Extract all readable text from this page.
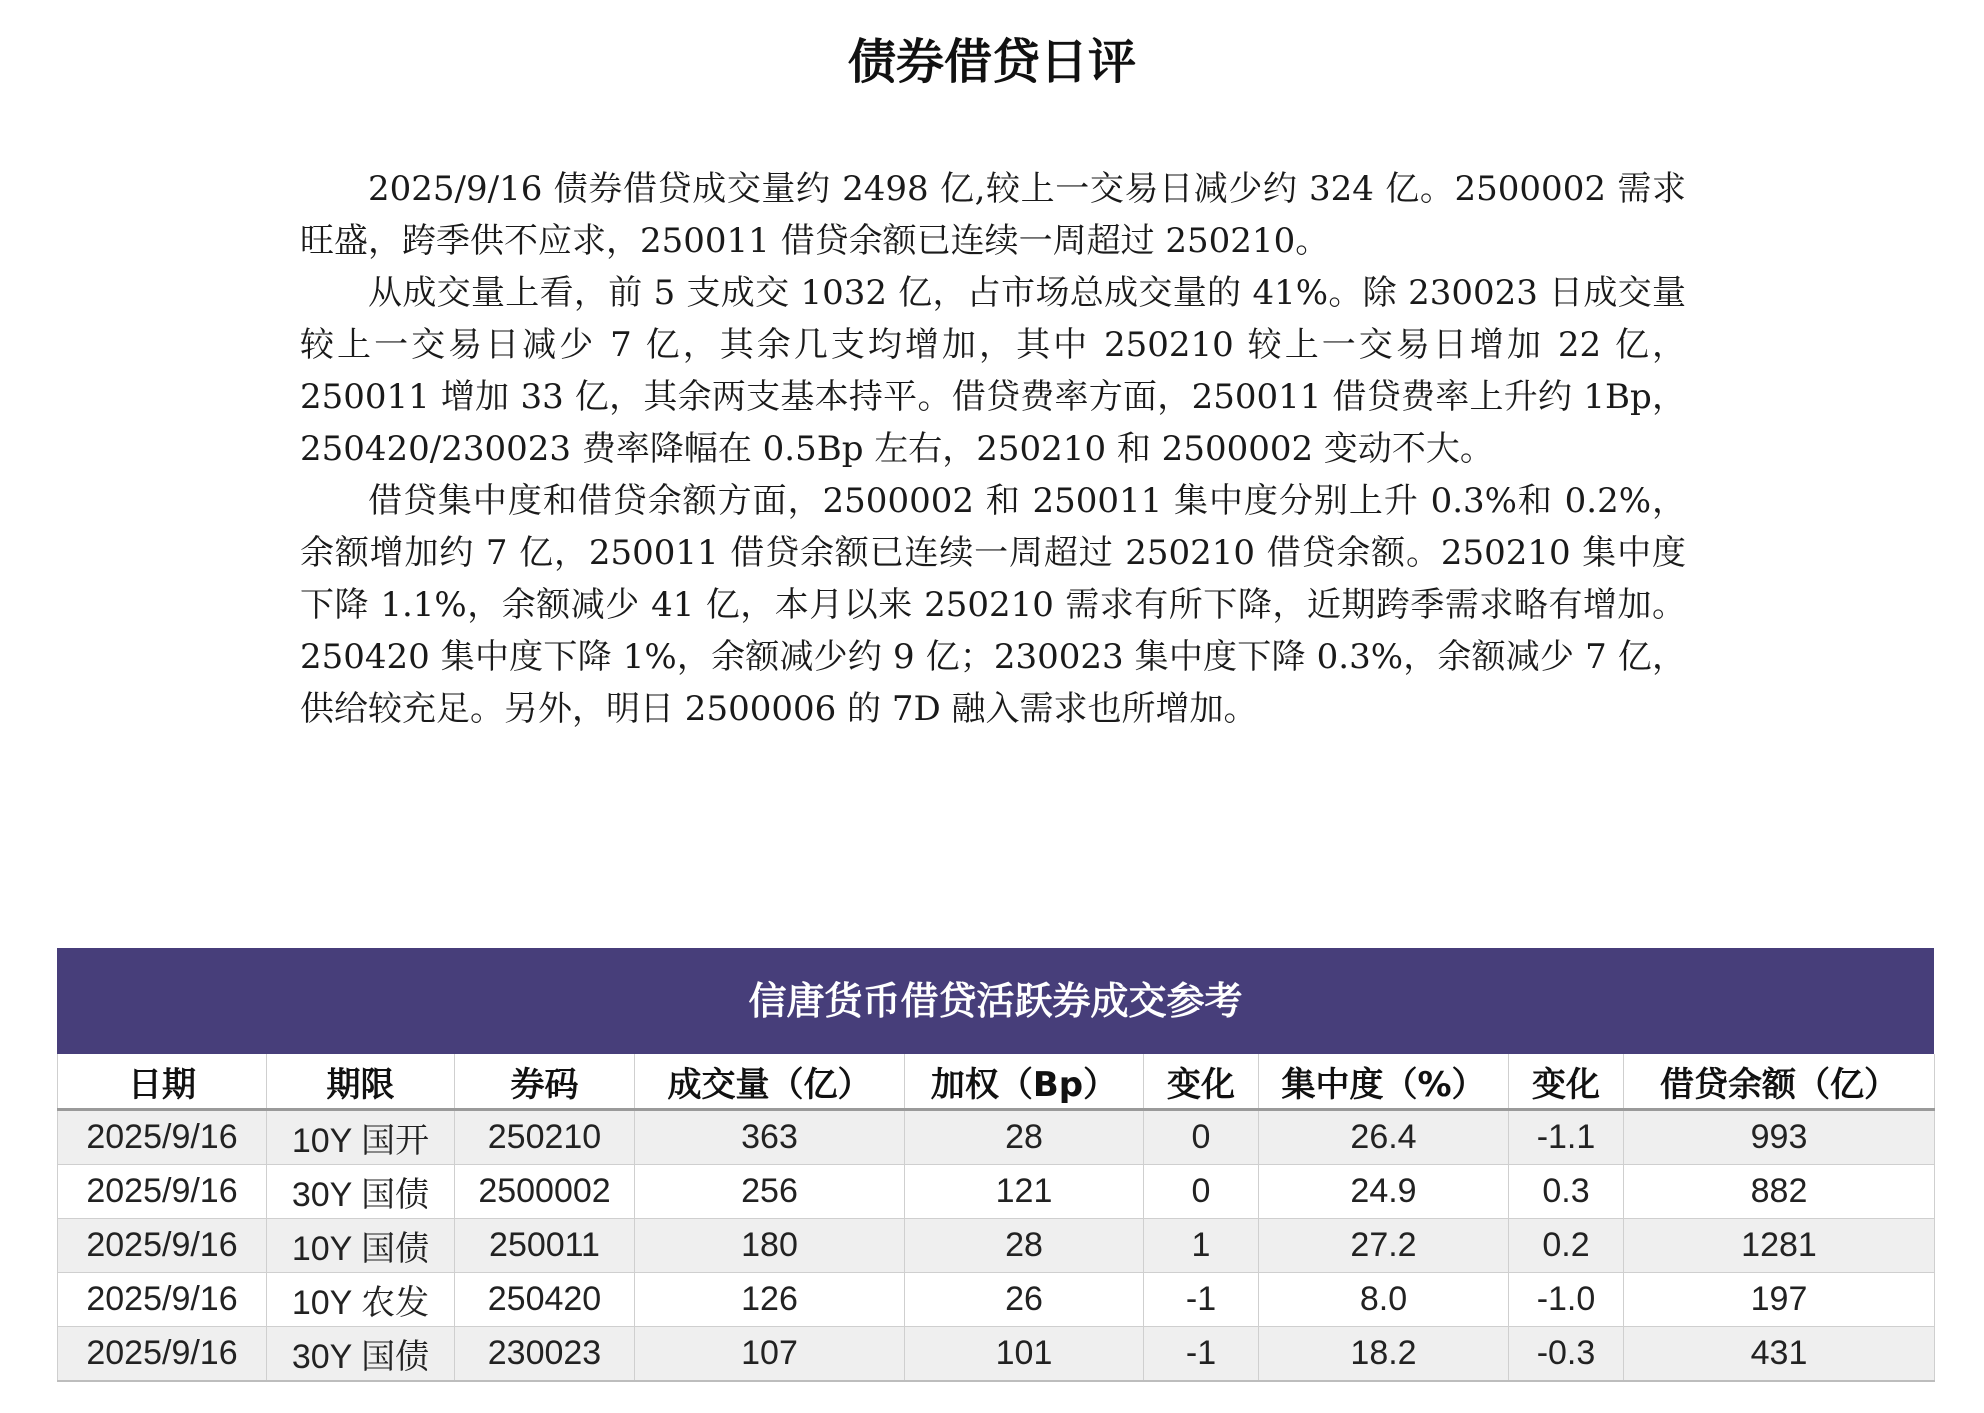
债券借贷日评

2025/9/16 债券借贷成交量约 2498 亿,较上一交易日减少约 324 亿。2500002 需求旺盛，跨季供不应求，250011 借贷余额已连续一周超过 250210。

从成交量上看，前 5 支成交 1032 亿，占市场总成交量的 41%。除 230023 日成交量较上一交易日减少 7 亿，其余几支均增加，其中 250210 较上一交易日增加 22 亿，250011 增加 33 亿，其余两支基本持平。借贷费率方面，250011 借贷费率上升约 1Bp，250420/230023 费率降幅在 0.5Bp 左右，250210 和 2500002 变动不大。

借贷集中度和借贷余额方面，2500002 和 250011 集中度分别上升 0.3%和 0.2%，余额增加约 7 亿，250011 借贷余额已连续一周超过 250210 借贷余额。250210 集中度下降 1.1%，余额减少 41 亿，本月以来 250210 需求有所下降，近期跨季需求略有增加。250420 集中度下降 1%，余额减少约 9 亿；230023 集中度下降 0.3%，余额减少 7 亿，供给较充足。另外，明日 2500006 的 7D 融入需求也所增加。

信唐货币借贷活跃券成交参考
日期	期限	券码	成交量（亿）	加权（Bp）	变化	集中度（%）	变化	借贷余额（亿）
2025/9/16	10Y 国开	250210	363	28	0	26.4	-1.1	993
2025/9/16	30Y 国债	2500002	256	121	0	24.9	0.3	882
2025/9/16	10Y 国债	250011	180	28	1	27.2	0.2	1281
2025/9/16	10Y 农发	250420	126	26	-1	8.0	-1.0	197
2025/9/16	30Y 国债	230023	107	101	-1	18.2	-0.3	431
